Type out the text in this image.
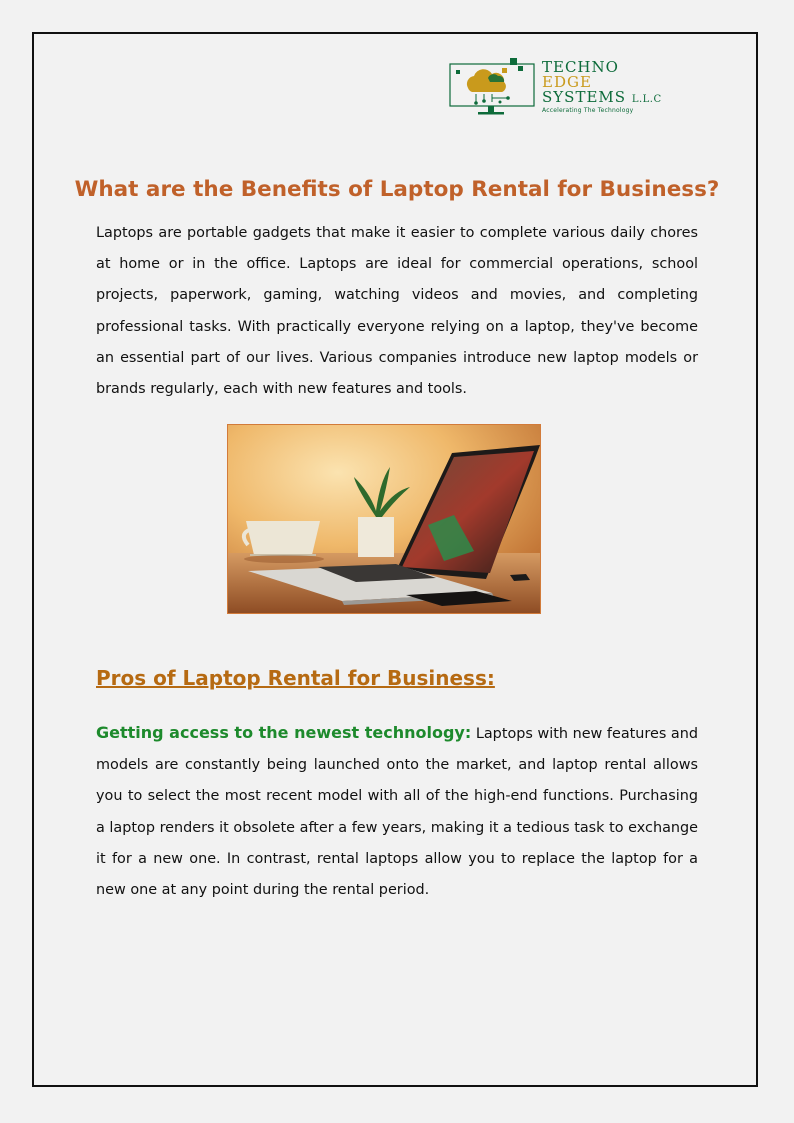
TECHNO
EDGE
SYSTEMS L.L.C
Accelerating The Technology
What are the Benefits of Laptop Rental for Business?

Laptops are portable gadgets that make it easier to complete various daily chores at home or in the office. Laptops are ideal for commercial operations, school projects, paperwork, gaming, watching videos and movies, and completing professional tasks. With practically everyone relying on a laptop, they've become an essential part of our lives. Various companies introduce new laptop models or brands regularly, each with new features and tools.

Pros of Laptop Rental for Business:

Getting access to the newest technology: Laptops with new features and models are constantly being launched onto the market, and laptop rental allows you to select the most recent model with all of the high-end functions. Purchasing a laptop renders it obsolete after a few years, making it a tedious task to exchange it for a new one. In contrast, rental laptops allow you to replace the laptop for a new one at any point during the rental period.
